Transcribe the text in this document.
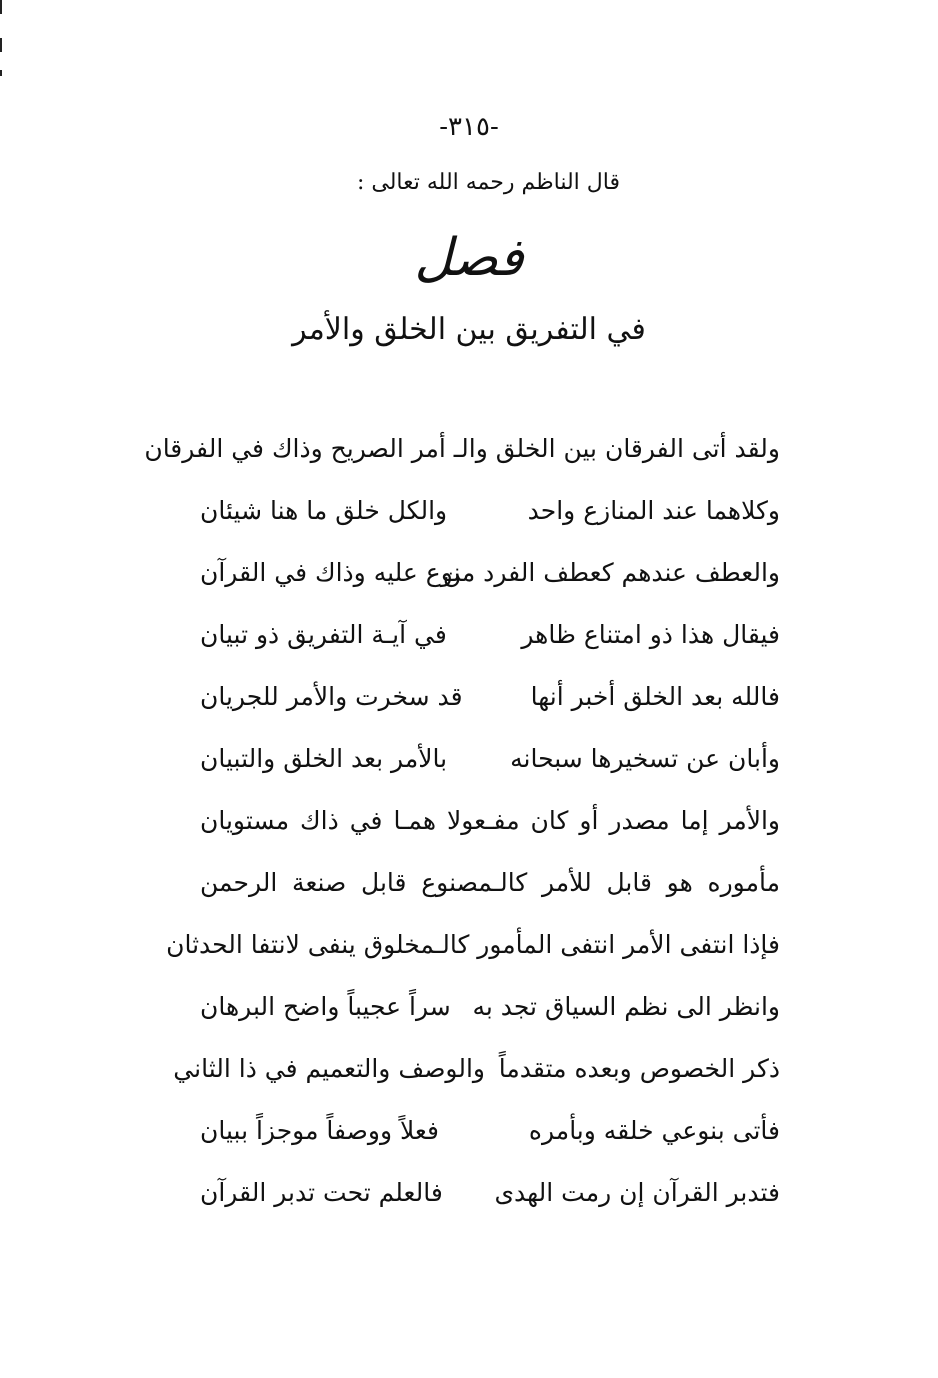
-٣١٥-
قال الناظم رحمه الله تعالى :
فصل
في التفريق بين الخلق والأمر
ولقد أتى الفرقان بين الخلق والـ أمر الصريح وذاك في الفرقان
وكلاهما عند المنازع واحد
والكل خلق ما هنا شيئان
والعطف عندهم كعطف الفرد من
نوع عليه وذاك في القرآن
فيقال هذا ذو امتناع ظاهر
في آيـة التفريق ذو تبيان
فالله بعد الخلق أخبر أنها
قد سخرت والأمر للجريان
وأبان عن تسخيرها سبحانه
بالأمر بعد الخلق والتبيان
والأمر إما مصدر أو كان مفـعولا همـا في ذاك مستويان
مأموره هو قابل للأمر كالـمصنوع قابل صنعة الرحمن
فإذا انتفى الأمر انتفى المأمور كالـمخلوق ينفى لانتفا الحدثان
وانظر الى نظم السياق تجد به
سراً عجيباً واضح البرهان
ذكر الخصوص وبعده متقدماً
والوصف والتعميم في ذا الثاني
فأتى بنوعي خلقه وبأمره
فعلاً ووصفاً موجزاً ببيان
فتدبر القرآن إن رمت الهدى
فالعلم تحت تدبر القرآن
